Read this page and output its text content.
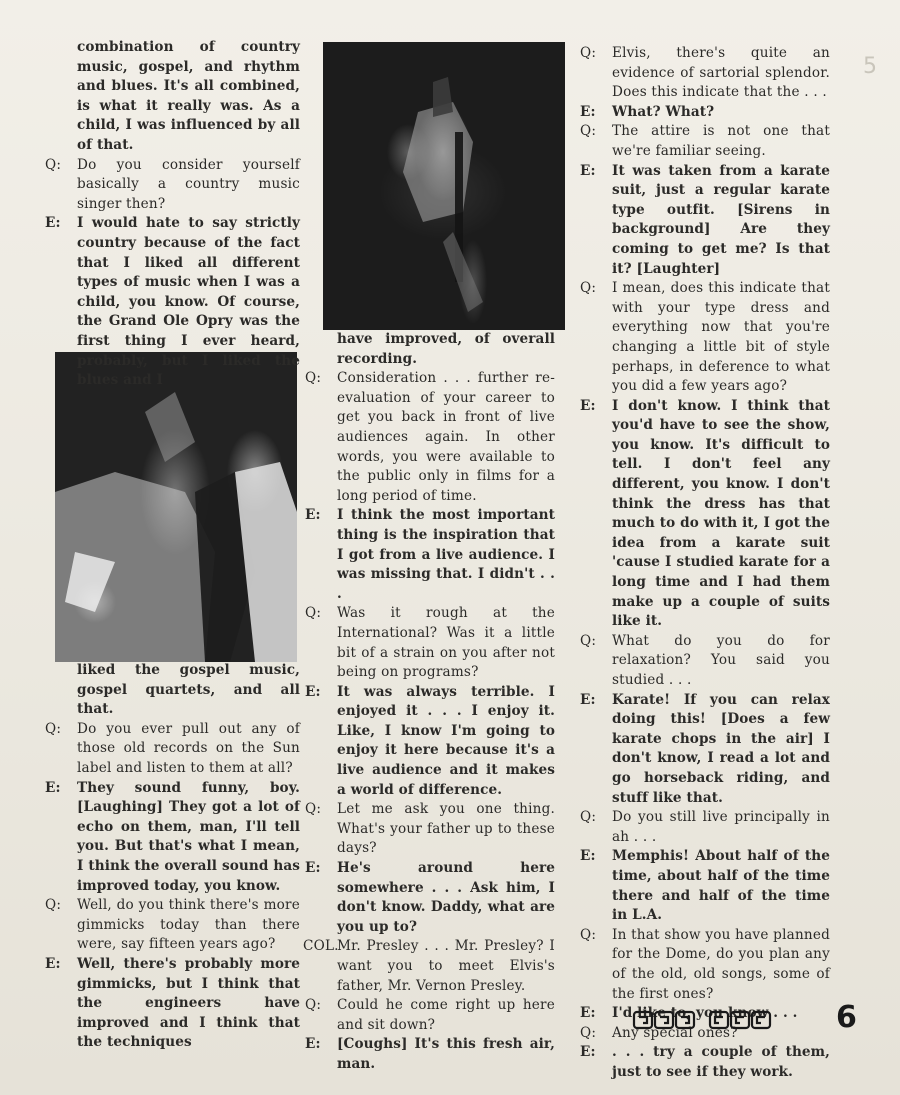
5

combination of country music, gospel, and rhythm and blues. It's all combined, is what it really was. As a child, I was influenced by all of that.

Q: Do you consider yourself basically a country music singer then?

E: I would hate to say strictly country because of the fact that I liked all different types of music when I was a child, you know. Of course, the Grand Ole Opry was the first thing I ever heard, probably, but I liked the blues and I

liked the gospel music, gospel quartets, and all that.

Q: Do you ever pull out any of those old records on the Sun label and listen to them at all?

E: They sound funny, boy. [Laughing] They got a lot of echo on them, man, I'll tell you. But that's what I mean, I think the overall sound has improved today, you know.

Q: Well, do you think there's more gimmicks today than there were, say fifteen years ago?

E: Well, there's probably more gimmicks, but I think that the engineers have improved and I think that the techniques

have improved, of overall recording.

Q: Consideration . . . further re-evaluation of your career to get you back in front of live audiences again. In other words, you were available to the public only in films for a long period of time.

E: I think the most important thing is the inspiration that I got from a live audience. I was missing that. I didn't . . .

Q: Was it rough at the International? Was it a little bit of a strain on you after not being on programs?

E: It was always terrible. I enjoyed it . . . I enjoy it. Like, I know I'm going to enjoy it here because it's a live audience and it makes a world of difference.

Q: Let me ask you one thing. What's your father up to these days?

E: He's around here somewhere . . . Ask him, I don't know. Daddy, what are you up to?

COL.
Mr. Presley . . . Mr. Presley? I want you to meet Elvis's father, Mr. Vernon Presley.

Q: Could he come right up here and sit down?

E: [Coughs] It's this fresh air, man.

Q: Elvis, there's quite an evidence of sartorial splendor. Does this indicate that the . . .

E: What? What?

Q: The attire is not one that we're familiar seeing.

E: It was taken from a karate suit, just a regular karate type outfit. [Sirens in background] Are they coming to get me? Is that it? [Laughter]

Q: I mean, does this indicate that with your type dress and everything now that you're changing a little bit of style perhaps, in deference to what you did a few years ago?

E: I don't know. I think that you'd have to see the show, you know. It's difficult to tell. I don't feel any different, you know. I don't think the dress has that much to do with it, I got the idea from a karate suit 'cause I studied karate for a long time and I had them make up a couple of suits like it.

Q: What do you do for relaxation? You said you studied . . .

E: Karate! If you can relax doing this! [Does a few karate chops in the air] I don't know, I read a lot and go horseback riding, and stuff like that.

Q: Do you still live principally in ah . . .

E: Memphis! About half of the time, about half of the time there and half of the time in L.A.

Q: In that show you have planned for the Dome, do you plan any of the old, old songs, some of the first ones?

E: I'd like to, you know . . .

Q: Any special ones?

E: . . . try a couple of them, just to see if they work.

6
